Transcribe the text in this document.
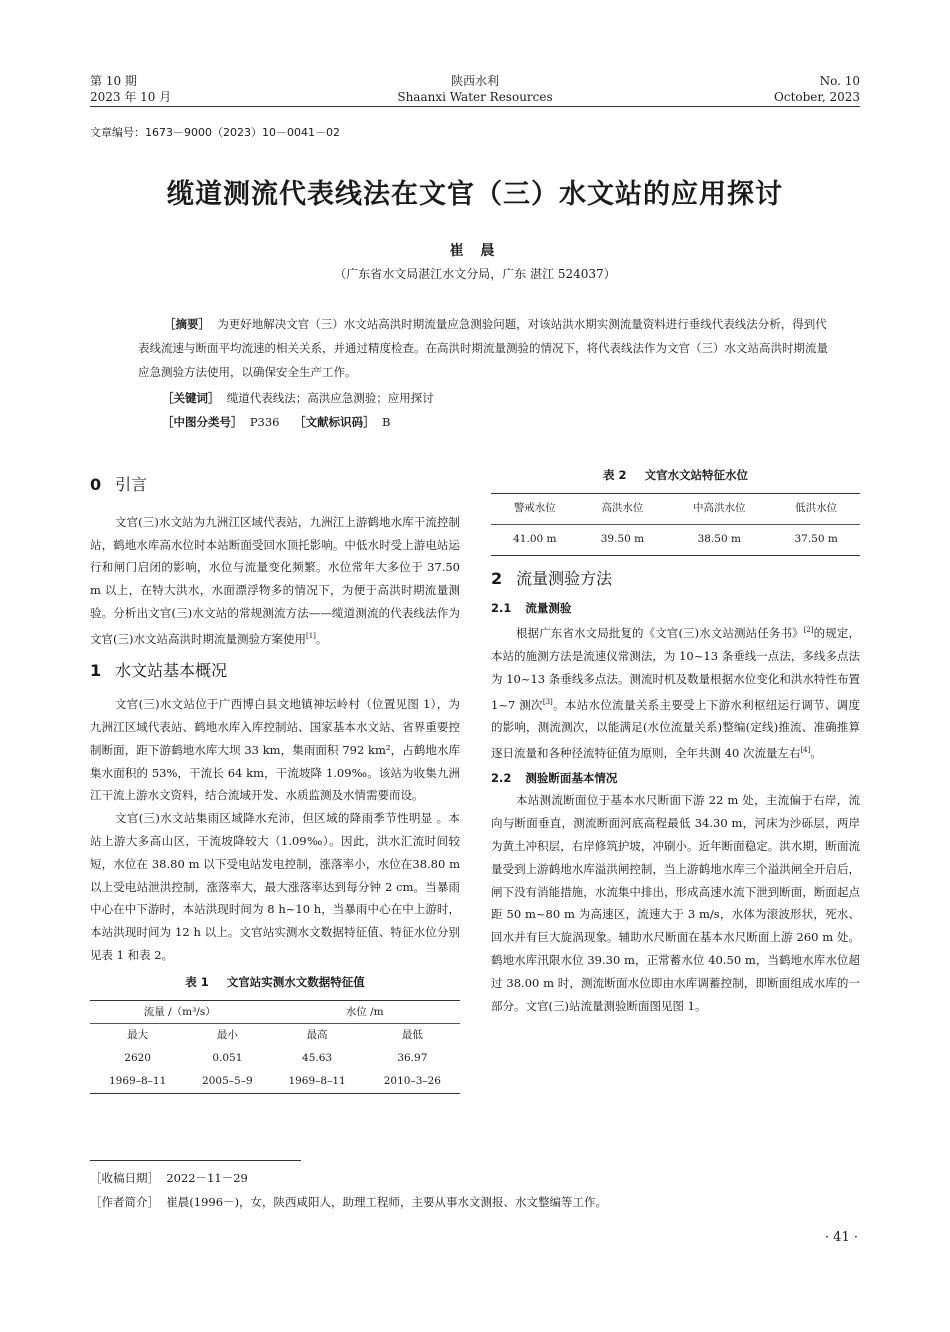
第 10 期
2023 年 10 月
陕西水利
Shaanxi Water Resources
No. 10
October, 2023
文章编号：1673－9000（2023）10－0041－02
缆道测流代表线法在文官（三）水文站的应用探讨
崔 晨
（广东省水文局湛江水文分局，广东 湛江 524037）

［摘要］ 为更好地解决文官（三）水文站高洪时期流量应急测验问题，对该站洪水期实测流量资料进行垂线代表线法分析，得到代表线流速与断面平均流速的相关关系，并通过精度检查。在高洪时期流量测验的情况下，将代表线法作为文官（三）水文站高洪时期流量应急测验方法使用，以确保安全生产工作。

［关键词］ 缆道代表线法；高洪应急测验；应用探讨
［中图分类号］ P336 ［文献标识码］ B
0 引言

文官(三)水文站为九洲江区域代表站，九洲江上游鹤地水库干流控制站，鹤地水库高水位时本站断面受回水顶托影响。中低水时受上游电站运行和闸门启闭的影响，水位与流量变化频繁。水位常年大多位于 37.50 m 以上，在特大洪水，水面漂浮物多的情况下，为便于高洪时期流量测验。分析出文官(三)水文站的常规测流方法——缆道测流的代表线法作为文官(三)水文站高洪时期流量测验方案使用[1]。

1 水文站基本概况

文官(三)水文站位于广西博白县文地镇神坛岭村（位置见图 1），为九洲江区域代表站、鹤地水库入库控制站、国家基本水文站、省界重要控制断面，距下游鹤地水库大坝 33 km，集雨面积 792 km²，占鹤地水库集水面积的 53%，干流长 64 km，干流坡降 1.09‰。该站为收集九洲江干流上游水文资料，结合流域开发、水质监测及水情需要而设。

文官(三)水文站集雨区域降水充沛，但区域的降雨季节性明显 。本站上游大多高山区，干流坡降较大（1.09‰）。因此，洪水汇流时间较短，水位在 38.80 m 以下受电站发电控制，涨落率小，水位在38.80 m以上受电站泄洪控制，涨落率大，最大涨落率达到每分钟 2 cm。当暴雨中心在中下游时，本站洪现时间为 8 h~10 h，当暴雨中心在中上游时，本站洪现时间为 12 h 以上。文官站实测水文数据特征值、特征水位分别见表 1 和表 2。

表 1 文官站实测水文数据特征值
流量 /（m³/s）		水位 /m	
最大	最小	最高	最低
2620	0.051	45.63	36.97
1969–8–11	2005–5–9	1969–8–11	2010–3–26
表 2 文官水文站特征水位
警戒水位	高洪水位	中高洪水位	低洪水位
41.00 m	39.50 m	38.50 m	37.50 m
2 流量测验方法
2.1 流量测验

根据广东省水文局批复的《文官(三)水文站测站任务书》[2]的规定，本站的施测方法是流速仪常测法，为 10~13 条垂线一点法，多线多点法为 10~13 条垂线多点法。测流时机及数量根据水位变化和洪水特性布置 1~7 测次[3]。本站水位流量关系主要受上下游水利枢纽运行调节、调度的影响，测流测次，以能满足(水位流量关系)整编(定线)推流、准确推算逐日流量和各种径流特征值为原则，全年共测 40 次流量左右[4]。

2.2 测验断面基本情况

本站测流断面位于基本水尺断面下游 22 m 处，主流偏于右岸，流向与断面垂直，测流断面河底高程最低 34.30 m，河床为沙砾层，两岸为黄土冲积层，右岸修筑护坡，冲刷小。近年断面稳定。洪水期，断面流量受到上游鹤地水库溢洪闸控制，当上游鹤地水库三个溢洪闸全开启后，闸下没有消能措施，水流集中排出，形成高速水流下泄到断面，断面起点距 50 m~80 m 为高速区，流速大于 3 m/s，水体为滚波形状，死水、回水并有巨大旋涡现象。辅助水尺断面在基本水尺断面上游 260 m 处。鹤地水库汛限水位 39.30 m，正常蓄水位 40.50 m，当鹤地水库水位超过 38.00 m 时，测流断面水位即由水库调蓄控制，即断面组成水库的一部分。文官(三)站流量测验断面图见图 1。

［收稿日期］ 2022－11－29
［作者简介］ 崔晨(1996－)，女，陕西咸阳人，助理工程师，主要从事水文测报、水文整编等工作。
· 41 ·
